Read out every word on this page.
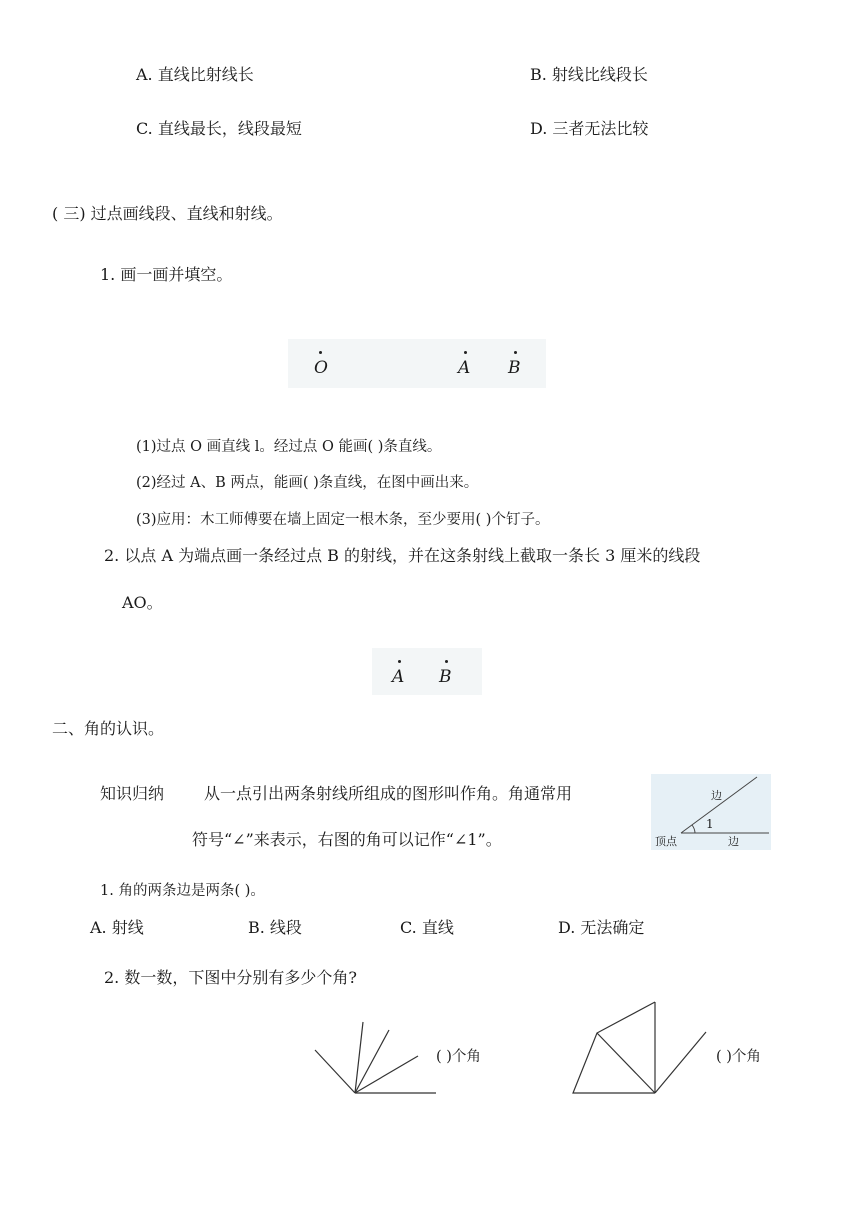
A. 直线比射线长	B. 射线比线段长
C. 直线最长，线段最短	D. 三者无法比较
( 三) 过点画线段、直线和射线。
1. 画一画并填空。
O	A B
(1)过点 O 画直线 l。经过点 O 能画( )条直线。
(2)经过 A、B 两点，能画( )条直线，在图中画出来。
(3)应用：木工师傅要在墙上固定一根木条，至少要用( )个钉子。
2. 以点 A 为端点画一条经过点 B 的射线，并在这条射线上截取一条长 3 厘米的线段
AO。
A B
二、角的认识。
知识归纳 从一点引出两条射线所组成的图形叫作角。角通常用
符号“∠”来表示，右图的角可以记作“∠1”。
边
1
顶点	边
1. 角的两条边是两条( )。
A. 射线	B. 线段	C. 直线	D. 无法确定
2. 数一数，下图中分别有多少个角?
( )个角	( )个角
